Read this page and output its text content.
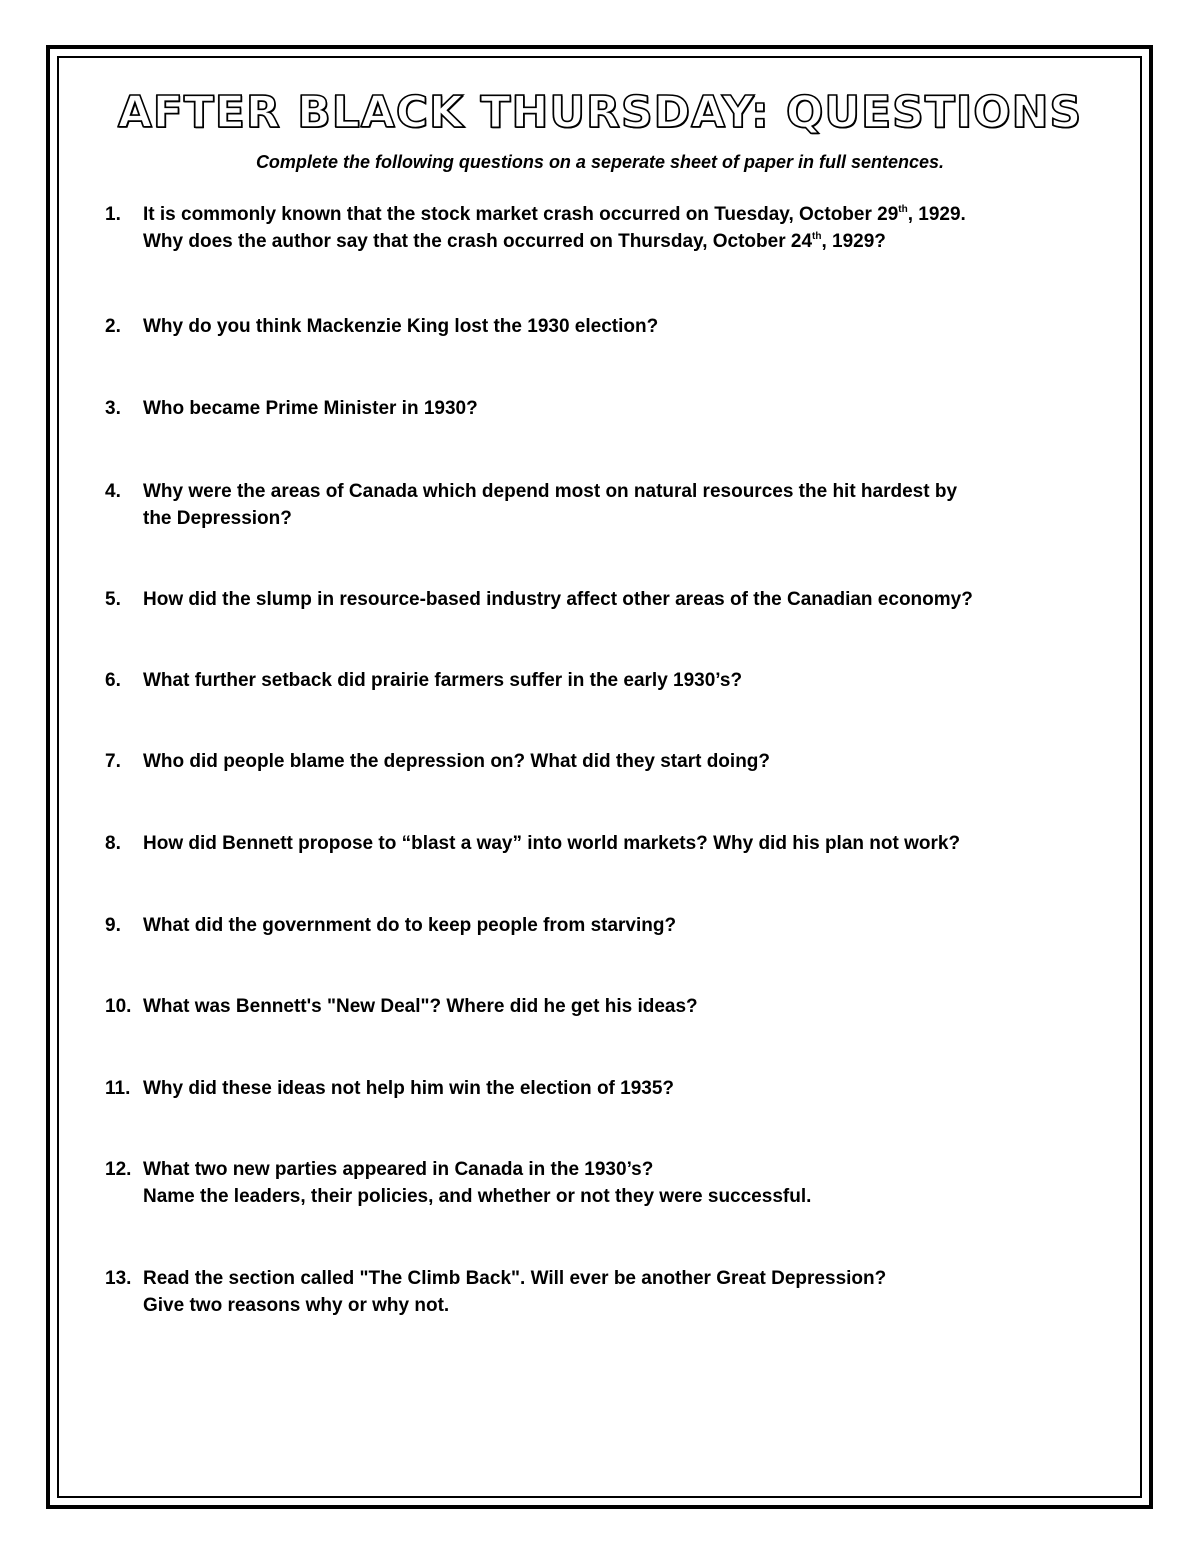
AFTER BLACK THURSDAY: QUESTIONS

Complete the following questions on a seperate sheet of paper in full sentences.

1.	It is commonly known that the stock market crash occurred on Tuesday, October 29th, 1929.
Why does the author say that the crash occurred on Thursday, October 24th, 1929?
2.	Why do you think Mackenzie King lost the 1930 election?
3.	Who became Prime Minister in 1930?
4.	Why were the areas of Canada which depend most on natural resources the hit hardest by
the Depression?
5.	How did the slump in resource-based industry affect other areas of the Canadian economy?
6.	What further setback did prairie farmers suffer in the early 1930’s?
7.	Who did people blame the depression on? What did they start doing?
8.	How did Bennett propose to “blast a way” into world markets? Why did his plan not work?
9.	What did the government do to keep people from starving?
10. What was Bennett's "New Deal"? Where did he get his ideas?
11. Why did these ideas not help him win the election of 1935?
12. What two new parties appeared in Canada in the 1930’s?
Name the leaders, their policies, and whether or not they were successful.
13. Read the section called "The Climb Back". Will ever be another Great Depression?
Give two reasons why or why not.
